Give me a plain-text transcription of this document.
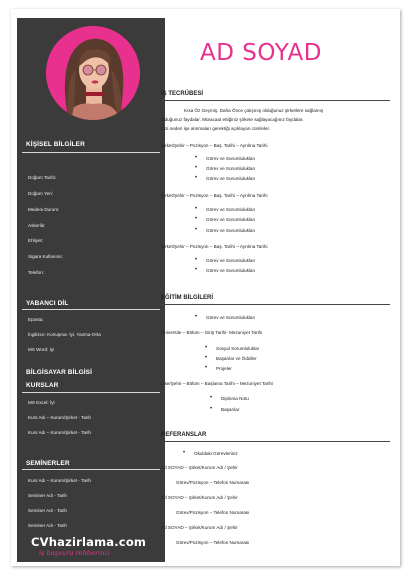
KİŞİSEL BİLGİLER
Doğum Tarihi:
Doğum Yeri:
Medeni Durum:
Askerlik:
Ehliyet:
Sigara Kullanımı:
Telefon:
YABANCI DİL
Epostа:
İngilizce: Konuşma- İyi, Yazma-Orta
MS Word: İyi
BİLGİSAYAR BİLGİSİ
KURSLAR
MS Excel: İyi
Kurs Adı – Kurum/Şirket - Tarih
Kurs Adı – Kurum/Şirket - Tarih
SEMİNERLER
Kurs Adı – Kurum/Şirket - Tarih
Seminer Adı - Tarih
Seminer Adı - Tarih
Seminer Adı - Tarih
CVhazirlama.com
iş başvuru rehberiniz
AD SOYAD
İŞ TECRÜBESİ
Kısa Öz Geçmiş. Daha Önce çalışmış olduğunuz şirketlere sağlamış
olduğunuz faydalar. Müracaat ettiğiniz şirkete sağlayacağınız faydalar.
Sizi neden işe alınmaları gerektiği açıklayan cümleler.
Şirket/Şehir – Pozisyon – Baş. Tarihi – Ayrılma Tarihi
• Görev ve Sorumlulukları
• Görev ve Sorumlulukları
• Görev ve Sorumlulukları
Şirket/Şehir – Pozisyon – Baş. Tarihi – Ayrılma Tarihi
• Görev ve Sorumlulukları
• Görev ve Sorumlulukları
• Görev ve Sorumlulukları
Şirket/Şehir – Pozisyon – Baş. Tarihi – Ayrılma Tarihi
• Görev ve Sorumlulukları
• Görev ve Sorumlulukları
EĞİTİM BİLGİLERİ
• Görev ve Sorumlulukları
Üniversite – Bölüm – Giriş Tarihi- Mezuniyet Tarihi
• Sosyal Sorumluluklar
• Başarılar ve Ödüller
• Projeler
Lise/Şehir – Bölüm – Başlama Tarihi – Mezuniyet Tarihi
• Diploma Notu
• Başarılar
REFERANSLAR
• Okuldaki Görevleriniz
Ad SOYAD – Şirket/Kurum Adı / Şehir
Görev/Pozisyon – Telefon Numarası
Ad SOYAD – Şirket/Kurum Adı / Şehir
Görev/Pozisyon – Telefon Numarası
Ad SOYAD – Şirket/Kurum Adı / Şehir
Görev/Pozisyon – Telefon Numarası
